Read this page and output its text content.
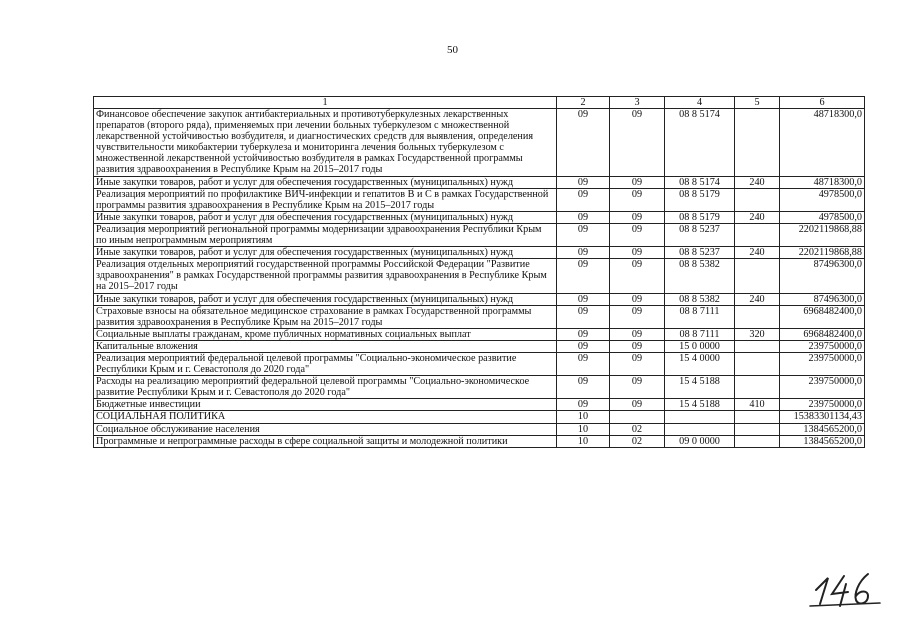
50
1	2	3	4	5	6
Финансовое обеспечение закупок антибактериальных и противотуберкулезных лекарственных препаратов (второго ряда), применяемых при лечении больных туберкулезом с множественной лекарственной устойчивостью возбудителя, и диагностических средств для выявления, определения чувствительности микобактерии туберкулеза и мониторинга лечения больных туберкулезом с множественной лекарственной устойчивостью возбудителя в рамках Государственной программы развития здравоохранения в Республике Крым на 2015–2017 годы	09	09	08 8 5174		48718300,0
Иные закупки товаров, работ и услуг для обеспечения государственных (муниципальных) нужд	09	09	08 8 5174	240	48718300,0
Реализация мероприятий по профилактике ВИЧ-инфекции и гепатитов В и С в рамках Государственной программы развития здравоохранения в Республике Крым на 2015–2017 годы	09	09	08 8 5179		4978500,0
Иные закупки товаров, работ и услуг для обеспечения государственных (муниципальных) нужд	09	09	08 8 5179	240	4978500,0
Реализация мероприятий региональной программы модернизации здравоохранения Республики Крым по иным непрограммным мероприятиям	09	09	08 8 5237		2202119868,88
Иные закупки товаров, работ и услуг для обеспечения государственных (муниципальных) нужд	09	09	08 8 5237	240	2202119868,88
Реализация отдельных мероприятий государственной программы Российской Федерации "Развитие здравоохранения" в рамках Государственной программы развития здравоохранения в Республике Крым на 2015–2017 годы	09	09	08 8 5382		87496300,0
Иные закупки товаров, работ и услуг для обеспечения государственных (муниципальных) нужд	09	09	08 8 5382	240	87496300,0
Страховые взносы на обязательное медицинское страхование в рамках Государственной программы развития здравоохранения в Республике Крым на 2015–2017 годы	09	09	08 8 7111		6968482400,0
Социальные выплаты гражданам, кроме публичных нормативных социальных выплат	09	09	08 8 7111	320	6968482400,0
Капитальные вложения	09	09	15 0 0000		239750000,0
Реализация мероприятий федеральной целевой программы "Социально-экономическое развитие Республики Крым и г. Севастополя до 2020 года"	09	09	15 4 0000		239750000,0
Расходы на реализацию мероприятий федеральной целевой программы "Социально-экономическое развитие Республики Крым и г. Севастополя до 2020 года"	09	09	15 4 5188		239750000,0
Бюджетные инвестиции	09	09	15 4 5188	410	239750000,0
СОЦИАЛЬНАЯ ПОЛИТИКА	10				15383301134,43
Социальное обслуживание населения	10	02			1384565200,0
Программные и непрограммные расходы в сфере социальной защиты и молодежной политики	10	02	09 0 0000		1384565200,0
